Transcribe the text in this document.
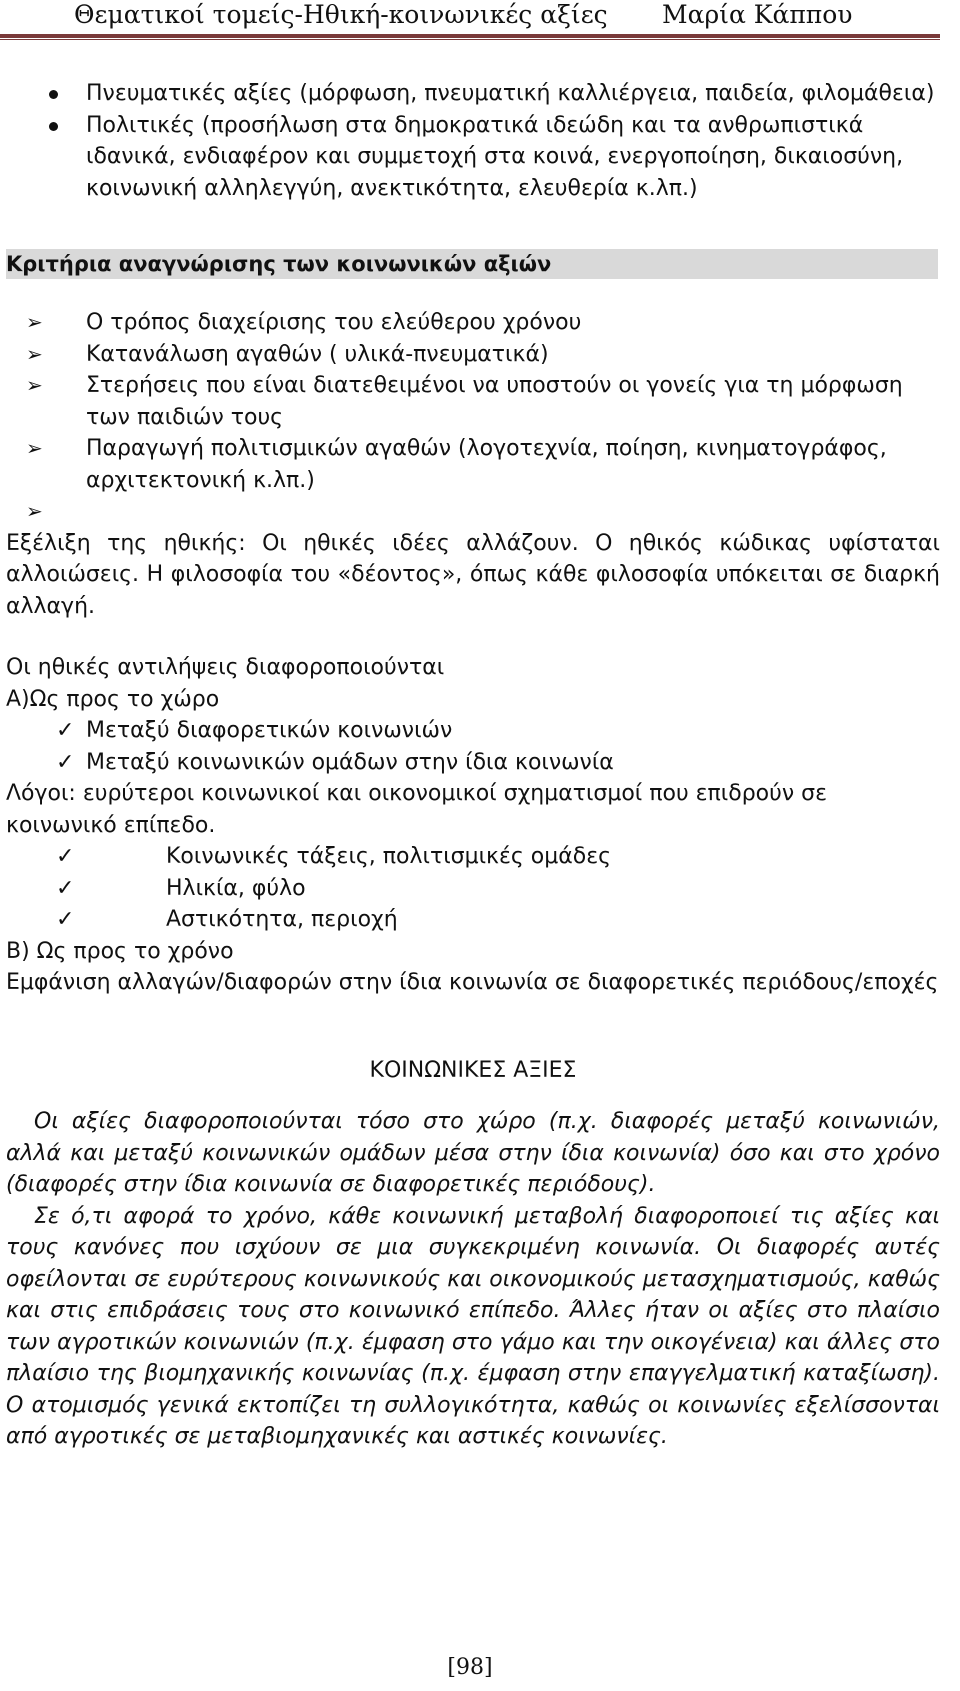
Θεματικοί τομείς-Ηθική-κοινωνικές αξίες Μαρία Κάππου
Πνευματικές αξίες (μόρφωση, πνευματική καλλιέργεια, παιδεία, φιλομάθεια)
Πολιτικές (προσήλωση στα δημοκρατικά ιδεώδη και τα ανθρωπιστικά ιδανικά, ενδιαφέρον και συμμετοχή στα κοινά, ενεργοποίηση, δικαιοσύνη, κοινωνική αλληλεγγύη, ανεκτικότητα, ελευθερία κ.λπ.)
Κριτήρια αναγνώρισης των κοινωνικών αξιών
➢ Ο τρόπος διαχείρισης του ελεύθερου χρόνου
➢ Κατανάλωση αγαθών ( υλικά-πνευματικά)
➢ Στερήσεις που είναι διατεθειμένοι να υποστούν οι γονείς για τη μόρφωση των παιδιών τους
➢ Παραγωγή πολιτισμικών αγαθών (λογοτεχνία, ποίηση, κινηματογράφος, αρχιτεκτονική κ.λπ.)
➢
Εξέλιξη της ηθικής: Οι ηθικές ιδέες αλλάζουν. Ο ηθικός κώδικας υφίσταται αλλοιώσεις. Η φιλοσοφία του «δέοντος», όπως κάθε φιλοσοφία υπόκειται σε διαρκή αλλαγή.
Οι ηθικές αντιλήψεις διαφοροποιούνται
Α)Ως προς το χώρο
✓ Μεταξύ διαφορετικών κοινωνιών
✓ Μεταξύ κοινωνικών ομάδων στην ίδια κοινωνία
Λόγοι: ευρύτεροι κοινωνικοί και οικονομικοί σχηματισμοί που επιδρούν σε κοινωνικό επίπεδο.
✓	Κοινωνικές τάξεις, πολιτισμικές ομάδες
✓	Ηλικία, φύλο
✓	Αστικότητα, περιοχή
Β) Ως προς το χρόνο
Εμφάνιση αλλαγών/διαφορών στην ίδια κοινωνία σε διαφορετικές περιόδους/εποχές
ΚΟΙΝΩΝΙΚΕΣ ΑΞΙΕΣ

Οι αξίες διαφοροποιούνται τόσο στο χώρο (π.χ. διαφορές μεταξύ κοινωνιών, αλλά και μεταξύ κοινωνικών ομάδων μέσα στην ίδια κοινωνία) όσο και στο χρόνο (διαφορές στην ίδια κοινωνία σε διαφορετικές περιόδους).

Σε ό,τι αφορά το χρόνο, κάθε κοινωνική μεταβολή διαφοροποιεί τις αξίες και τους κανόνες που ισχύουν σε μια συγκεκριμένη κοινωνία. Οι διαφορές αυτές οφείλονται σε ευρύτερους κοινωνικούς και οικονομικούς μετασχηματισμούς, καθώς και στις επιδράσεις τους στο κοινωνικό επίπεδο. Άλλες ήταν οι αξίες στο πλαίσιο των αγροτικών κοινωνιών (π.χ. έμφαση στο γάμο και την οικογένεια) και άλλες στο πλαίσιο της βιομηχανικής κοινωνίας (π.χ. έμφαση στην επαγγελματική καταξίωση). Ο ατομισμός γενικά εκτοπίζει τη συλλογικότητα, καθώς οι κοινωνίες εξελίσσονται από αγροτικές σε μεταβιομηχανικές και αστικές κοινωνίες.

[98]
